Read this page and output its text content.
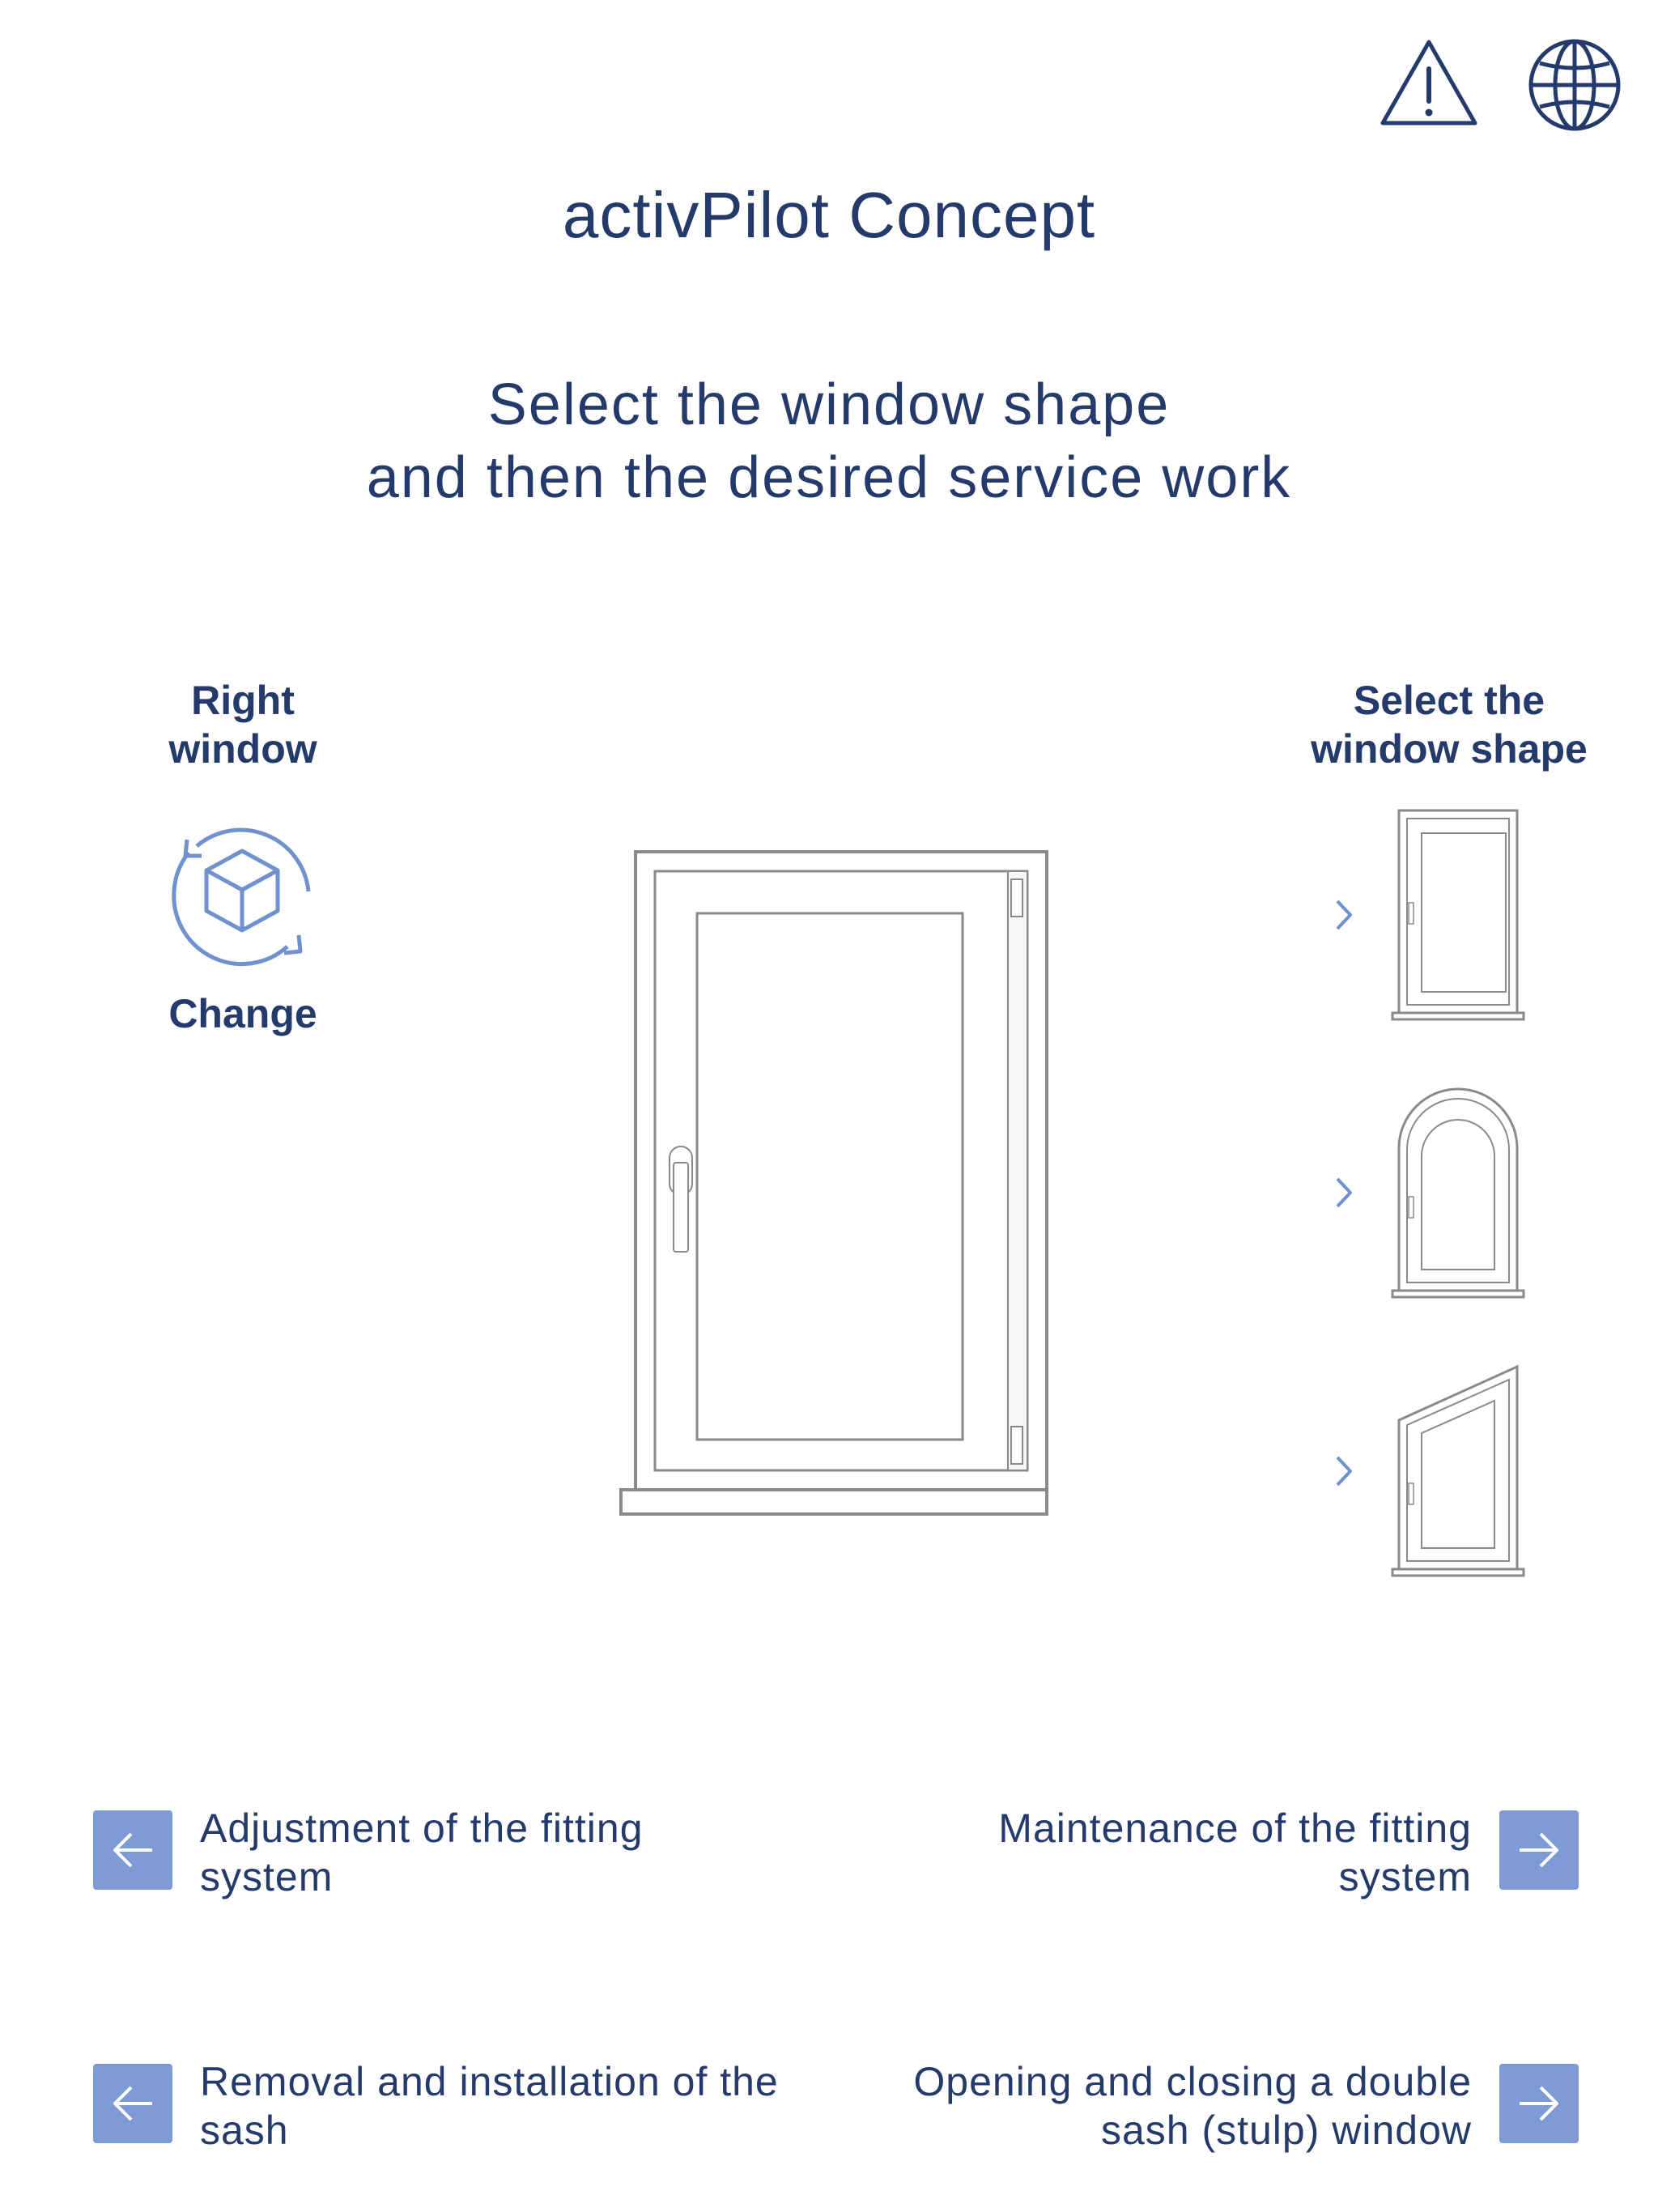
activPilot Concept
Select the window shape
and then the desired service work
Right
window
Change
Select the
window shape
Adjustment of the fitting
system
Maintenance of the fitting
system
Removal and installation of the
sash
Opening and closing a double
sash (stulp) window
